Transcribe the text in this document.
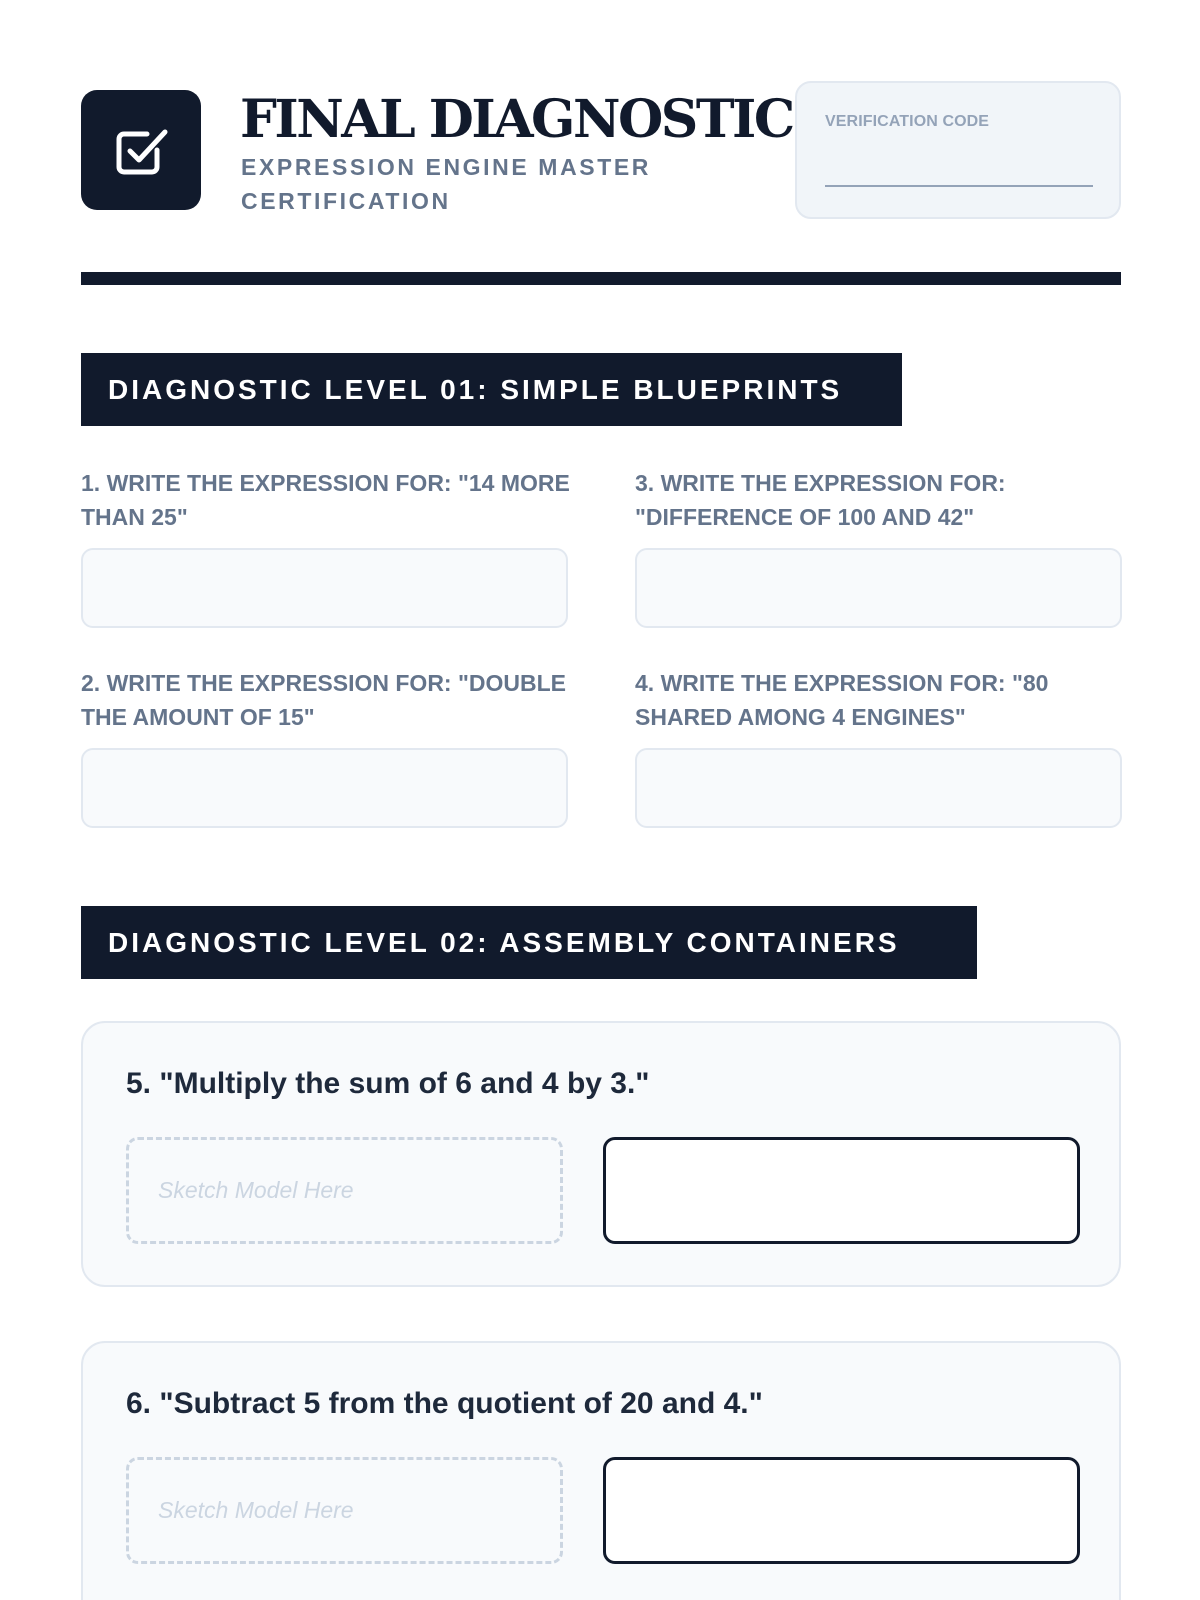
FINAL DIAGNOSTIC
EXPRESSION ENGINE MASTER CERTIFICATION
VERIFICATION CODE
DIAGNOSTIC LEVEL 01: SIMPLE BLUEPRINTS
1. WRITE THE EXPRESSION FOR: "14 MORE THAN 25"
2. WRITE THE EXPRESSION FOR: "DOUBLE THE AMOUNT OF 15"
3. WRITE THE EXPRESSION FOR: "DIFFERENCE OF 100 AND 42"
4. WRITE THE EXPRESSION FOR: "80 SHARED AMONG 4 ENGINES"
DIAGNOSTIC LEVEL 02: ASSEMBLY CONTAINERS
5. "Multiply the sum of 6 and 4 by 3."
Sketch Model Here
6. "Subtract 5 from the quotient of 20 and 4."
Sketch Model Here
